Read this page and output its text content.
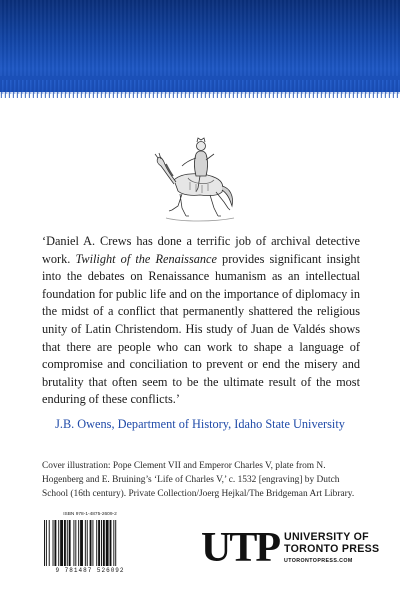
‘Daniel A. Crews has done a terrific job of archival detective work. Twilight of the Renaissance provides significant insight into the debates on Renaissance humanism as an intellectual foundation for public life and on the importance of diplomacy in the midst of a conflict that permanently shattered the religious unity of Latin Christendom. His study of Juan de Valdés shows that there are people who can work to shape a language of compromise and conciliation to prevent or end the misery and brutality that often seem to be the ultimate result of the most enduring of these conflicts.’

J.B. Owens, Department of History, Idaho State University

Cover illustration: Pope Clement VII and Emperor Charles V, plate from N. Hogenberg and E. Bruining’s ‘Life of Charles V,’ c. 1532 [engraving] by Dutch School (16th century). Private Collection/Joerg Hejkal/The Bridgeman Art Library.

ISBN 978-1-4875-2609-2

9 781487 526092	UTP UNIVERSITY OF
TORONTO PRESS
UTORONTOPRESS.COM
